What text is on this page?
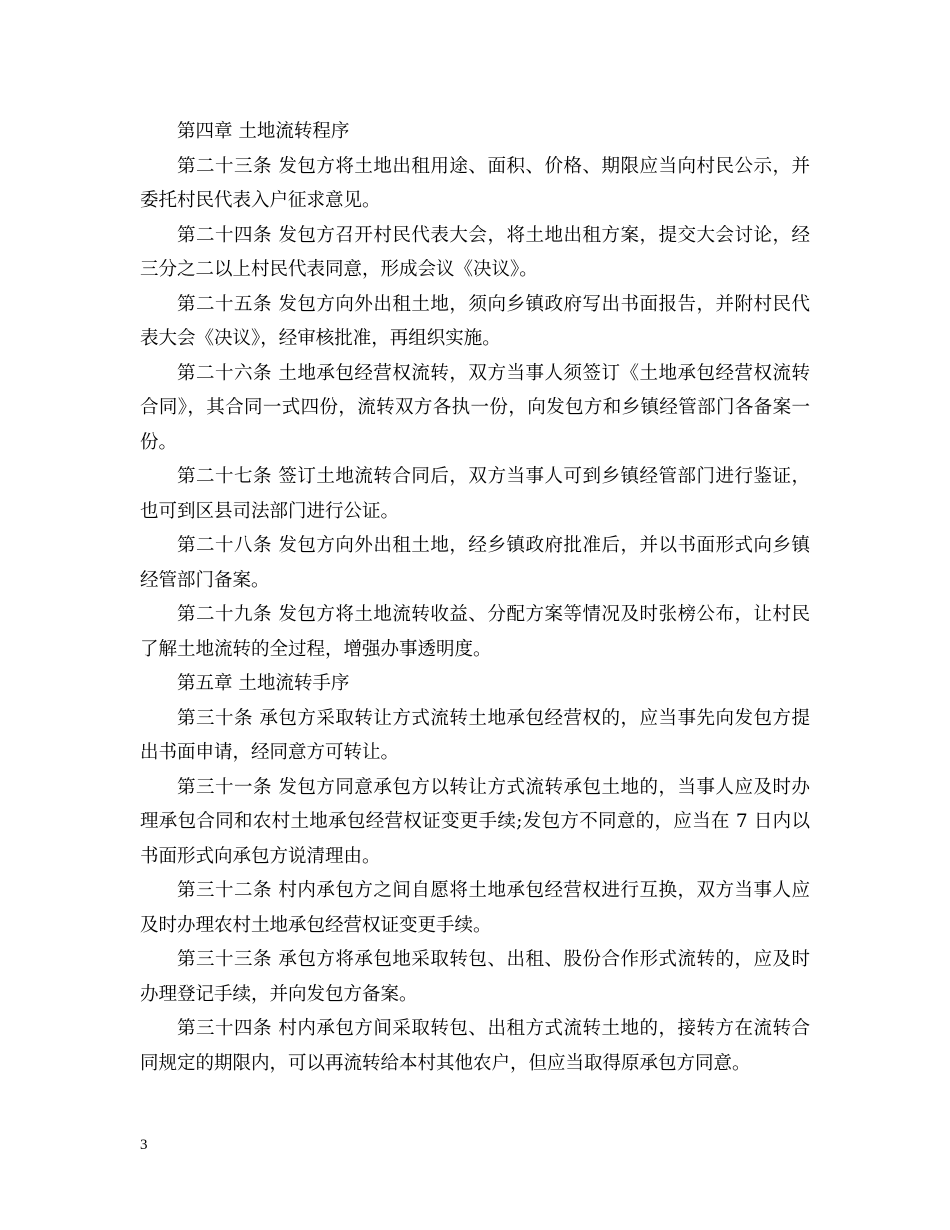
第四章 土地流转程序

第二十三条 发包方将土地出租用途、面积、价格、期限应当向村民公示，并委托村民代表入户征求意见。

第二十四条 发包方召开村民代表大会，将土地出租方案，提交大会讨论，经三分之二以上村民代表同意，形成会议《决议》。

第二十五条 发包方向外出租土地，须向乡镇政府写出书面报告，并附村民代表大会《决议》，经审核批准，再组织实施。

第二十六条 土地承包经营权流转，双方当事人须签订《土地承包经营权流转合同》，其合同一式四份，流转双方各执一份，向发包方和乡镇经管部门各备案一份。

第二十七条 签订土地流转合同后，双方当事人可到乡镇经管部门进行鉴证，也可到区县司法部门进行公证。

第二十八条 发包方向外出租土地，经乡镇政府批准后，并以书面形式向乡镇经管部门备案。

第二十九条 发包方将土地流转收益、分配方案等情况及时张榜公布，让村民了解土地流转的全过程，增强办事透明度。

第五章 土地流转手序

第三十条 承包方采取转让方式流转土地承包经营权的，应当事先向发包方提出书面申请，经同意方可转让。

第三十一条 发包方同意承包方以转让方式流转承包土地的，当事人应及时办理承包合同和农村土地承包经营权证变更手续;发包方不同意的，应当在 7 日内以书面形式向承包方说清理由。

第三十二条 村内承包方之间自愿将土地承包经营权进行互换，双方当事人应及时办理农村土地承包经营权证变更手续。

第三十三条 承包方将承包地采取转包、出租、股份合作形式流转的，应及时办理登记手续，并向发包方备案。

第三十四条 村内承包方间采取转包、出租方式流转土地的，接转方在流转合同规定的期限内，可以再流转给本村其他农户，但应当取得原承包方同意。

3
